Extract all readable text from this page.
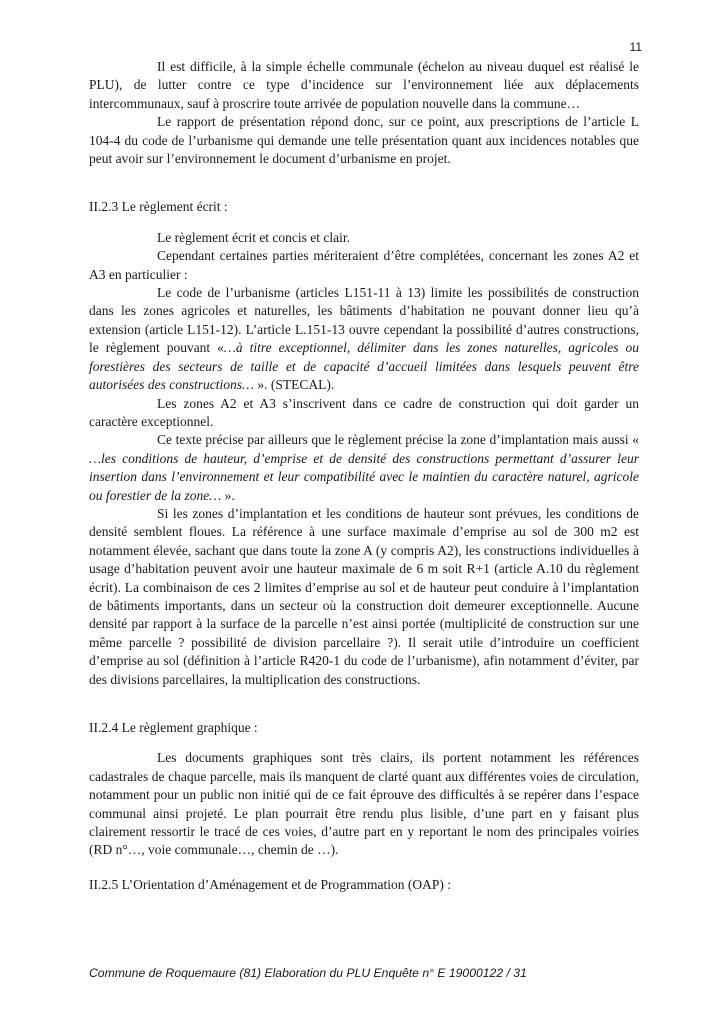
11

Il est difficile, à la simple échelle communale (échelon au niveau duquel est réalisé le PLU), de lutter contre ce type d’incidence sur l’environnement liée aux déplacements intercommunaux, sauf à proscrire toute arrivée de population nouvelle dans la commune…

Le rapport de présentation répond donc, sur ce point, aux prescriptions de l’article L 104-4 du code de l’urbanisme qui demande une telle présentation quant aux incidences notables que peut avoir sur l’environnement le document d’urbanisme en projet.

II.2.3 Le règlement écrit :

Le règlement écrit et concis et clair.

Cependant certaines parties mériteraient d’être complétées, concernant les zones A2 et A3 en particulier :

Le code de l’urbanisme (articles L151-11 à 13) limite les possibilités de construction dans les zones agricoles et naturelles, les bâtiments d’habitation ne pouvant donner lieu qu’à extension (article L151-12). L’article L.151-13 ouvre cependant la possibilité d’autres constructions, le règlement pouvant «…à titre exceptionnel, délimiter dans les zones naturelles, agricoles ou forestières des secteurs de taille et de capacité d’accueil limitées dans lesquels peuvent être autorisées des constructions… ». (STECAL).

Les zones A2 et A3 s’inscrivent dans ce cadre de construction qui doit garder un caractère exceptionnel.

Ce texte précise par ailleurs que le règlement précise la zone d’implantation mais aussi « …les conditions de hauteur, d’emprise et de densité des constructions permettant d’assurer leur insertion dans l’environnement et leur compatibilité avec le maintien du caractère naturel, agricole ou forestier de la zone… ».

Si les zones d’implantation et les conditions de hauteur sont prévues, les conditions de densité semblent floues. La référence à une surface maximale d’emprise au sol de 300 m2 est notamment élevée, sachant que dans toute la zone A (y compris A2), les constructions individuelles à usage d’habitation peuvent avoir une hauteur maximale de 6 m soit R+1 (article A.10 du règlement écrit). La combinaison de ces 2 limites d’emprise au sol et de hauteur peut conduire à l’implantation de bâtiments importants, dans un secteur où la construction doit demeurer exceptionnelle. Aucune densité par rapport à la surface de la parcelle n’est ainsi portée (multiplicité de construction sur une même parcelle ? possibilité de division parcellaire ?). Il serait utile d’introduire un coefficient d’emprise au sol (définition à l’article R420-1 du code de l’urbanisme), afin notamment d’éviter, par des divisions parcellaires, la multiplication des constructions.

II.2.4 Le règlement graphique :

Les documents graphiques sont très clairs, ils portent notamment les références cadastrales de chaque parcelle, mais ils manquent de clarté quant aux différentes voies de circulation, notamment pour un public non initié qui de ce fait éprouve des difficultés à se repérer dans l’espace communal ainsi projeté. Le plan pourrait être rendu plus lisible, d’une part en y faisant plus clairement ressortir le tracé de ces voies, d’autre part en y reportant le nom des principales voiries (RD n°…, voie communale…, chemin de …).

II.2.5 L’Orientation d’Aménagement et de Programmation (OAP) :

Commune de Roquemaure (81) Elaboration du PLU Enquête n° E 19000122 / 31
